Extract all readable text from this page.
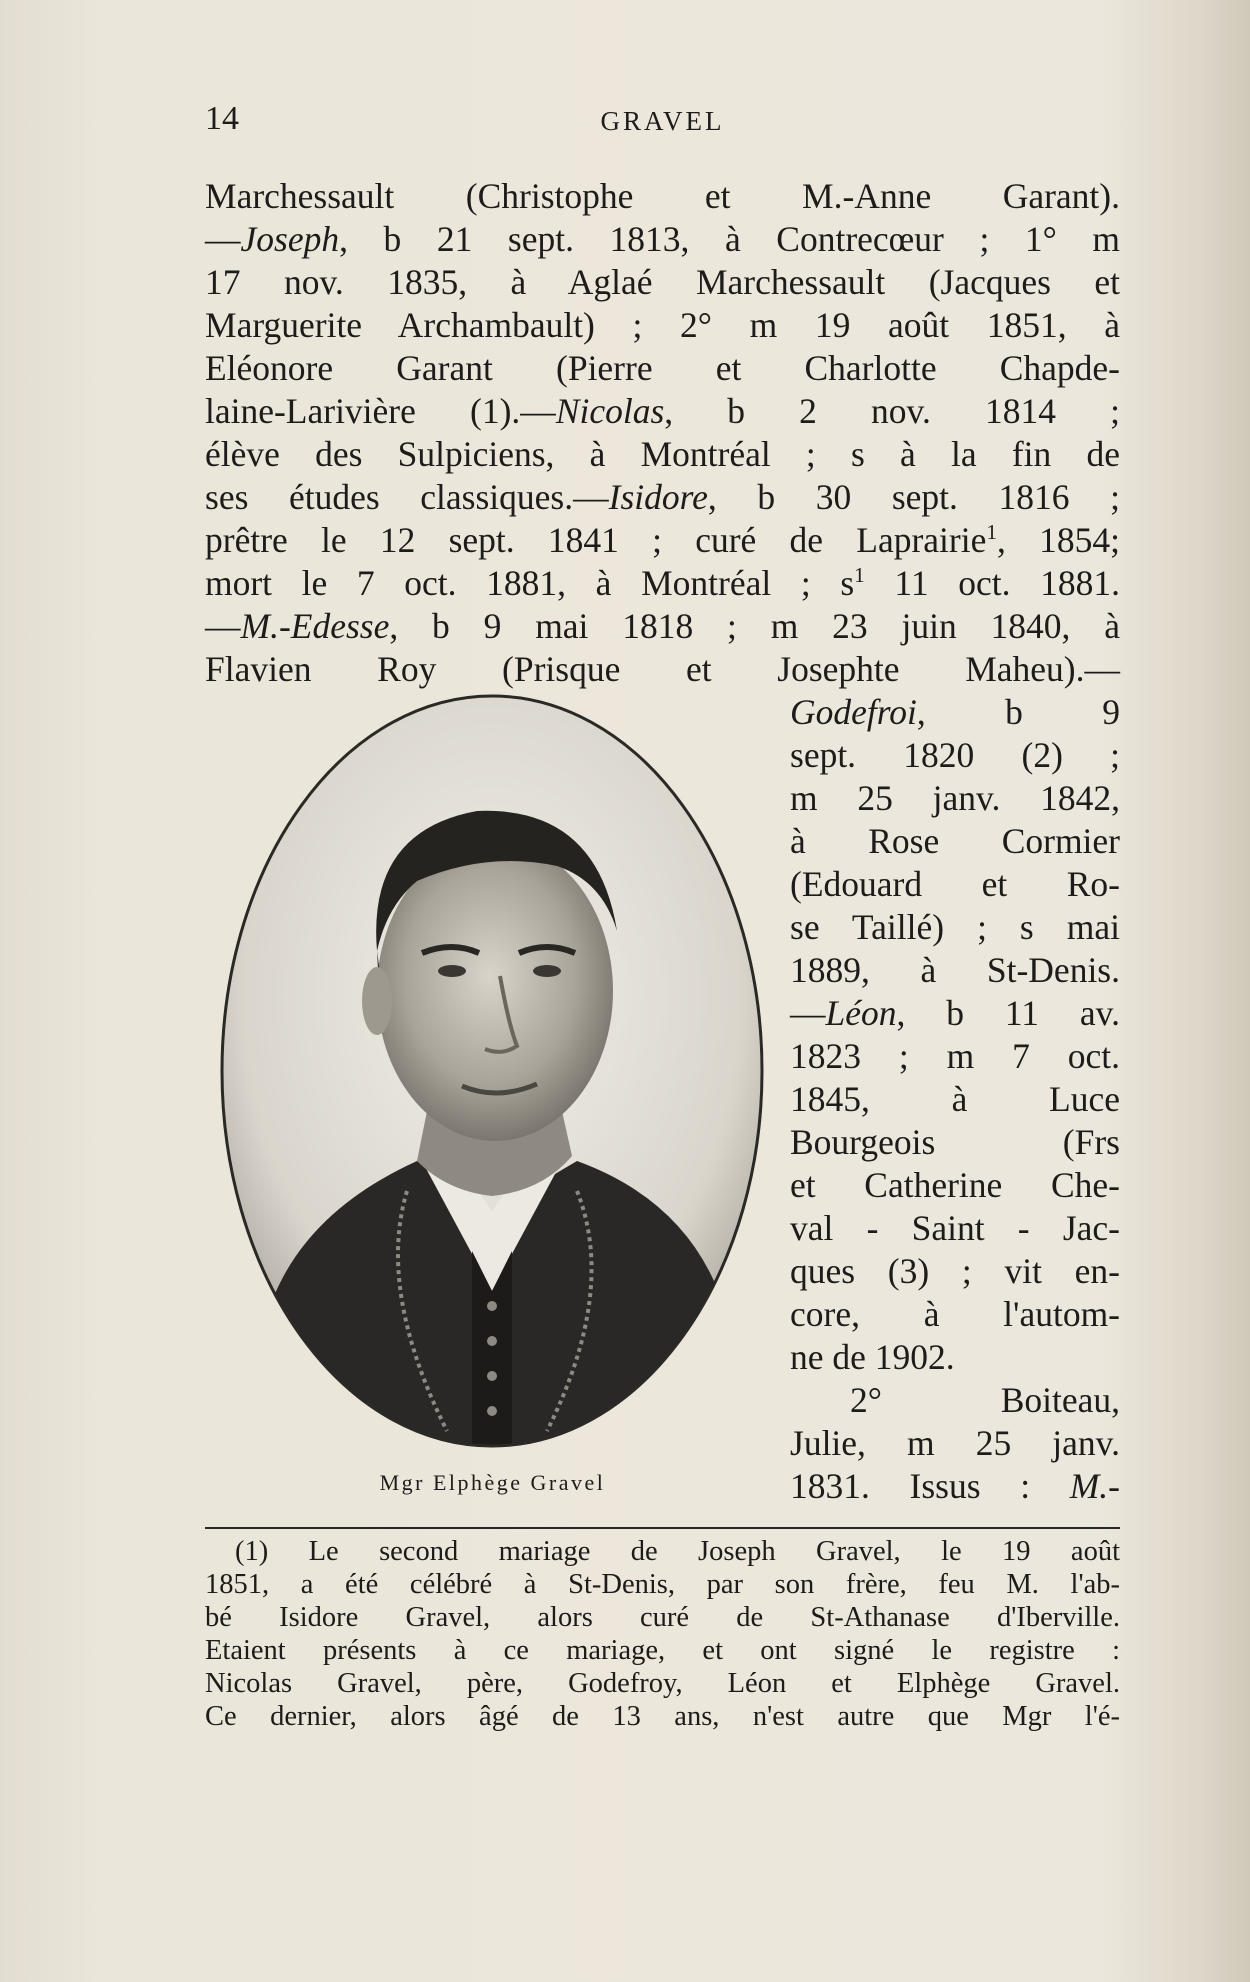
14	GRAVEL
Marchessault (Christophe et M.-Anne Garant).
—Joseph, b 21 sept. 1813, à Contrecœur ; 1° m
17 nov. 1835, à Aglaé Marchessault (Jacques et
Marguerite Archambault) ; 2° m 19 août 1851, à
Eléonore Garant (Pierre et Charlotte Chapde-
laine-Larivière (1).—Nicolas, b 2 nov. 1814 ;
élève des Sulpiciens, à Montréal ; s à la fin de
ses études classiques.—Isidore, b 30 sept. 1816 ;
prêtre le 12 sept. 1841 ; curé de Laprairie$^1$, 1854;
mort le 7 oct. 1881, à Montréal ; $s^1$ 11 oct. 1881.
—M.-Edesse, b 9 mai 1818 ; m 23 juin 1840, à
Flavien Roy (Prisque et Josephte Maheu).—
Mgr Elphège Gravel
Godefroi, b 9
sept. 1820 (2) ;
m 25 janv. 1842,
à Rose Cormier
(Edouard et Ro-
se Taillé) ; s mai
1889, à St-Denis.
—Léon, b 11 av.
1823 ; m 7 oct.
1845, à Luce
Bourgeois (Frs
et Catherine Che-
val - Saint - Jac-
ques (3) ; vit en-
core, à l'autom-
ne de 1902.
2° Boiteau,
Julie, m 25 janv.
1831. Issus : M.-
(1) Le second mariage de Joseph Gravel, le 19 août
1851, a été célébré à St-Denis, par son frère, feu M. l'ab-
bé Isidore Gravel, alors curé de St-Athanase d'Iberville.
Etaient présents à ce mariage, et ont signé le registre :
Nicolas Gravel, père, Godefroy, Léon et Elphège Gravel.
Ce dernier, alors âgé de 13 ans, n'est autre que Mgr l'é-
